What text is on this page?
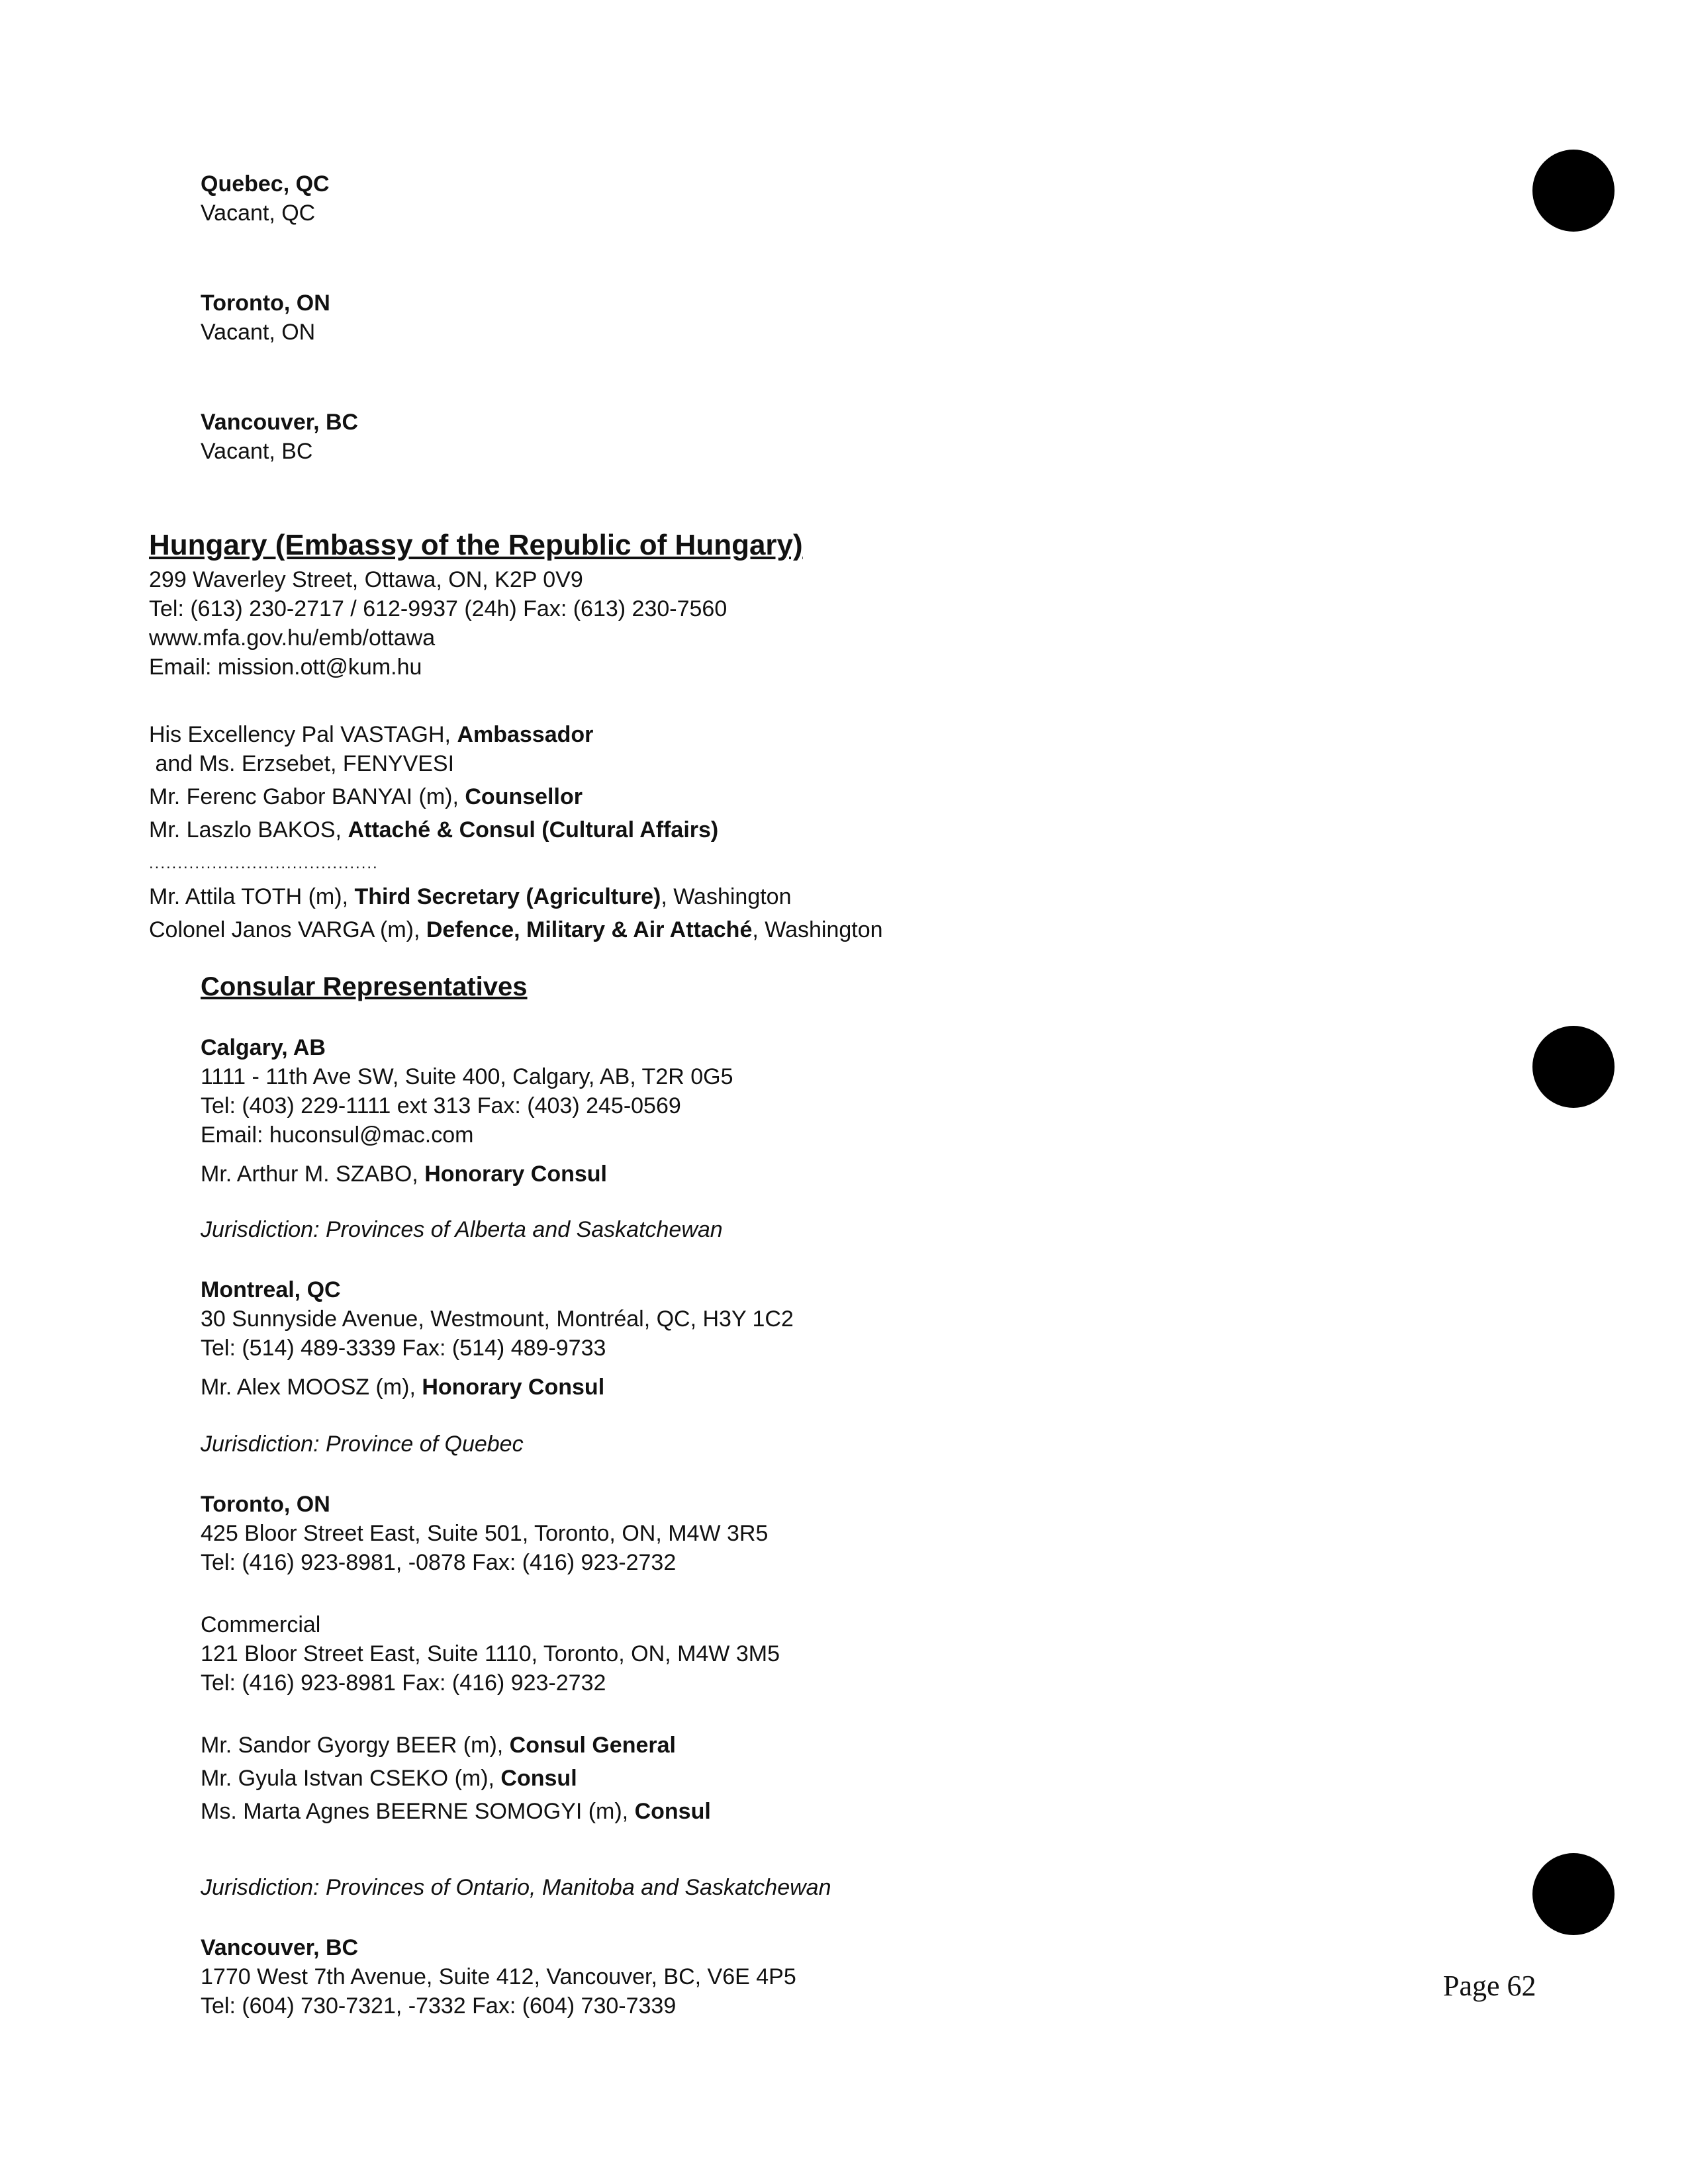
Quebec, QC
Vacant, QC
Toronto, ON
Vacant, ON
Vancouver, BC
Vacant, BC
Hungary (Embassy of the Republic of Hungary)
299 Waverley Street, Ottawa, ON, K2P 0V9
Tel: (613) 230-2717 / 612-9937 (24h) Fax: (613) 230-7560
www.mfa.gov.hu/emb/ottawa
Email: mission.ott@kum.hu
His Excellency Pal VASTAGH, Ambassador
and Ms. Erzsebet, FENYVESI
Mr. Ferenc Gabor BANYAI (m), Counsellor
Mr. Laszlo BAKOS, Attaché & Consul (Cultural Affairs)
........................................
Mr. Attila TOTH (m), Third Secretary (Agriculture), Washington
Colonel Janos VARGA (m), Defence, Military & Air Attaché, Washington
Consular Representatives
Calgary, AB
1111 - 11th Ave SW, Suite 400, Calgary, AB, T2R 0G5
Tel: (403) 229-1111 ext 313 Fax: (403) 245-0569
Email: huconsul@mac.com
Mr. Arthur M. SZABO, Honorary Consul
Jurisdiction: Provinces of Alberta and Saskatchewan
Montreal, QC
30 Sunnyside Avenue, Westmount, Montréal, QC, H3Y 1C2
Tel: (514) 489-3339 Fax: (514) 489-9733
Mr. Alex MOOSZ (m), Honorary Consul
Jurisdiction: Province of Quebec
Toronto, ON
425 Bloor Street East, Suite 501, Toronto, ON, M4W 3R5
Tel: (416) 923-8981, -0878 Fax: (416) 923-2732
Commercial
121 Bloor Street East, Suite 1110, Toronto, ON, M4W 3M5
Tel: (416) 923-8981 Fax: (416) 923-2732
Mr. Sandor Gyorgy BEER (m), Consul General
Mr. Gyula Istvan CSEKO (m), Consul
Ms. Marta Agnes BEERNE SOMOGYI (m), Consul
Jurisdiction: Provinces of Ontario, Manitoba and Saskatchewan
Vancouver, BC
1770 West 7th Avenue, Suite 412, Vancouver, BC, V6E 4P5
Tel: (604) 730-7321, -7332 Fax: (604) 730-7339
Page 62
